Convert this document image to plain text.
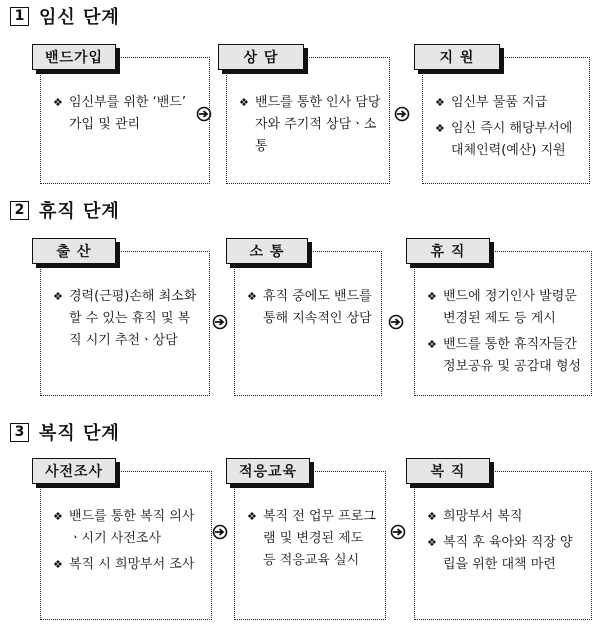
1 임신 단계
❖ 임신부를 위한 ‘밴드’ 가입 및 관리
밴드가입
❖ 밴드를 통한 인사 담당자와 주기적 상담ㆍ소통
상 담
❖ 임신부 물품 지급
❖ 임신 즉시 해당부서에 대체인력(예산) 지원
지 원
2 휴직 단계
❖ 경력(근평)손해 최소화할 수 있는 휴직 및 복직 시기 추천ㆍ상담
출 산
❖ 휴직 중에도 밴드를 통해 지속적인 상담
소 통
❖ 밴드에 정기인사 발령문 변경된 제도 등 게시
❖ 밴드를 통한 휴직자들간 정보공유 및 공감대 형성
휴 직
3 복직 단계
❖ 밴드를 통한 복직 의사ㆍ시기 사전조사
❖ 복직 시 희망부서 조사
사전조사
❖ 복직 전 업무 프로그램 및 변경된 제도 등 적응교육 실시
적응교육
❖ 희망부서 복직
❖ 복직 후 육아와 직장 양립을 위한 대책 마련
복 직
